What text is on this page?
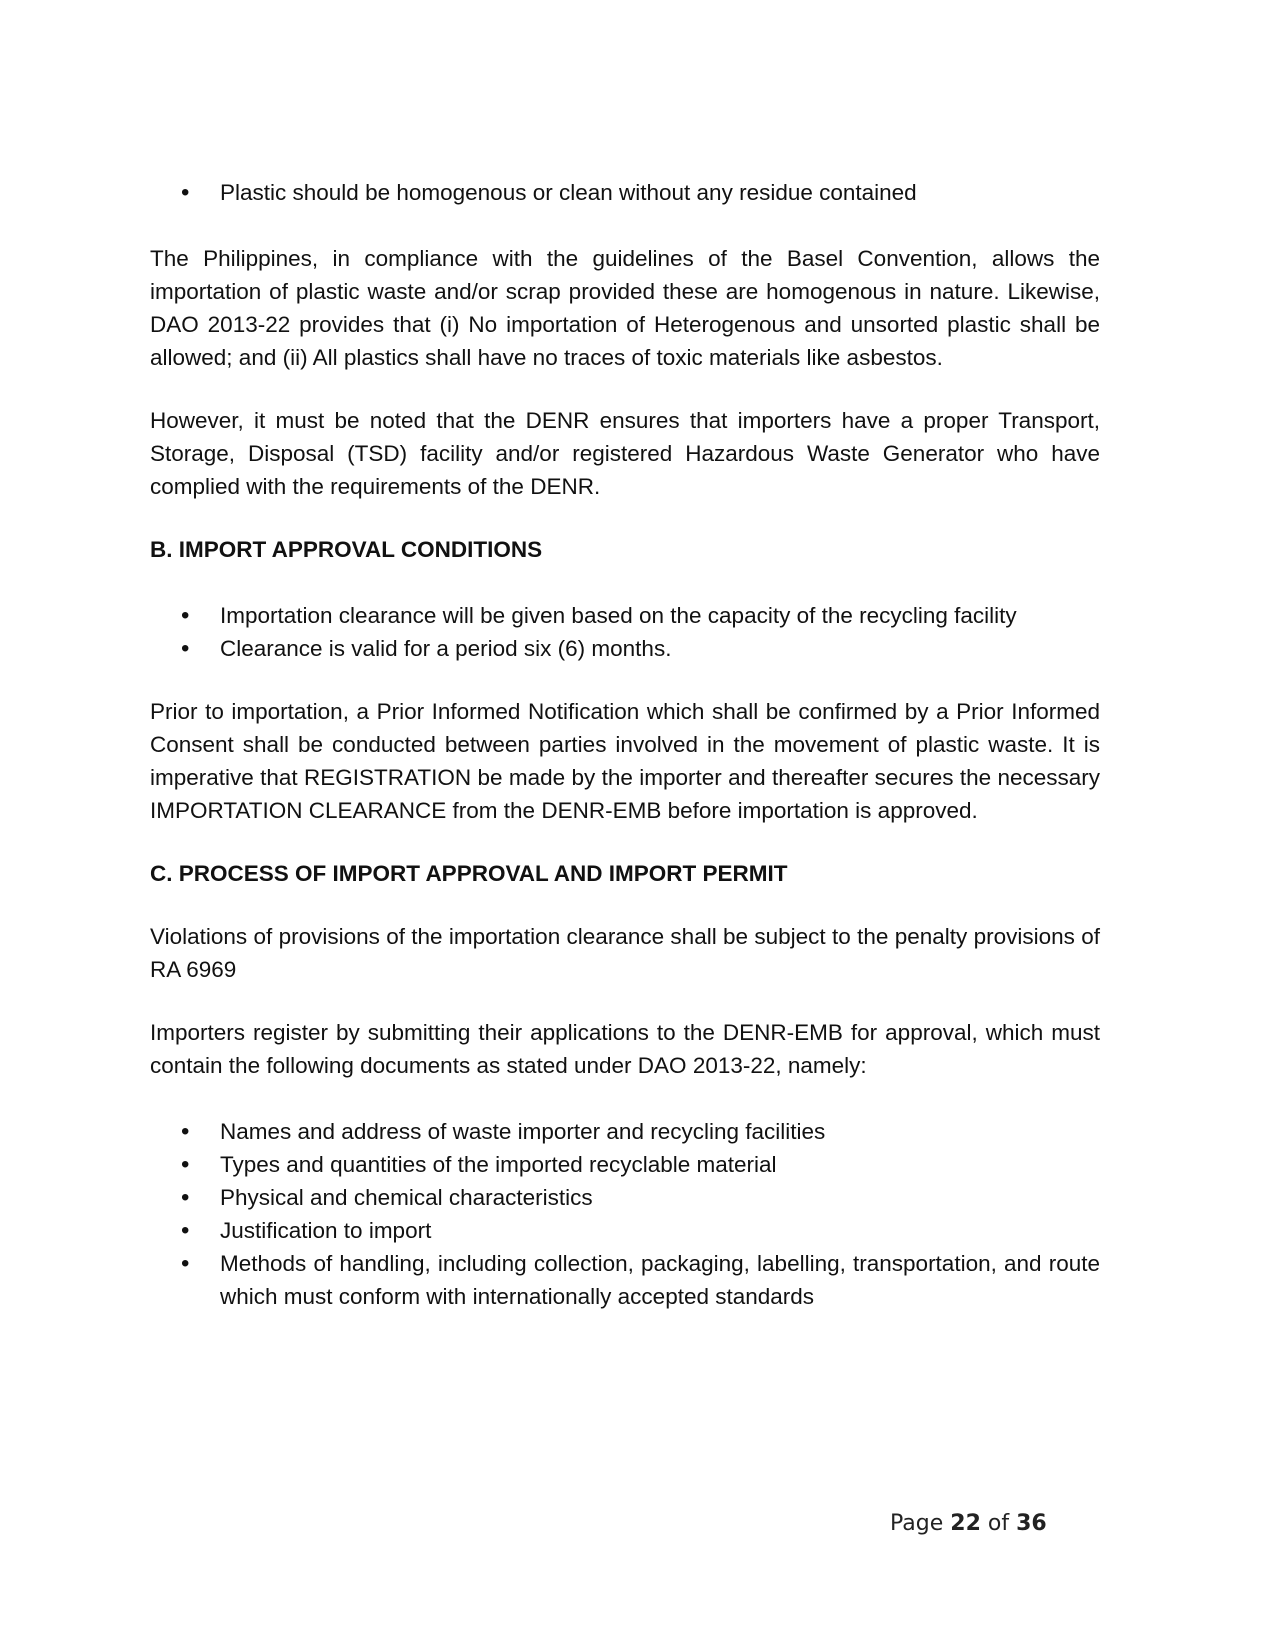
• Plastic should be homogenous or clean without any residue contained

The Philippines, in compliance with the guidelines of the Basel Convention, allows the importation of plastic waste and/or scrap provided these are homogenous in nature. Likewise, DAO 2013-22 provides that (i) No importation of Heterogenous and unsorted plastic shall be allowed; and (ii) All plastics shall have no traces of toxic materials like asbestos.

However, it must be noted that the DENR ensures that importers have a proper Transport, Storage, Disposal (TSD) facility and/or registered Hazardous Waste Generator who have complied with the requirements of the DENR.

B. IMPORT APPROVAL CONDITIONS
• Importation clearance will be given based on the capacity of the recycling facility
• Clearance is valid for a period six (6) months.

Prior to importation, a Prior Informed Notification which shall be confirmed by a Prior Informed Consent shall be conducted between parties involved in the movement of plastic waste. It is imperative that REGISTRATION be made by the importer and thereafter secures the necessary IMPORTATION CLEARANCE from the DENR-EMB before importation is approved.

C. PROCESS OF IMPORT APPROVAL AND IMPORT PERMIT

Violations of provisions of the importation clearance shall be subject to the penalty provisions of RA 6969

Importers register by submitting their applications to the DENR-EMB for approval, which must contain the following documents as stated under DAO 2013-22, namely:

• Names and address of waste importer and recycling facilities
• Types and quantities of the imported recyclable material
• Physical and chemical characteristics
• Justification to import
• Methods of handling, including collection, packaging, labelling, transportation, and route which must conform with internationally accepted standards
Page 22 of 36
